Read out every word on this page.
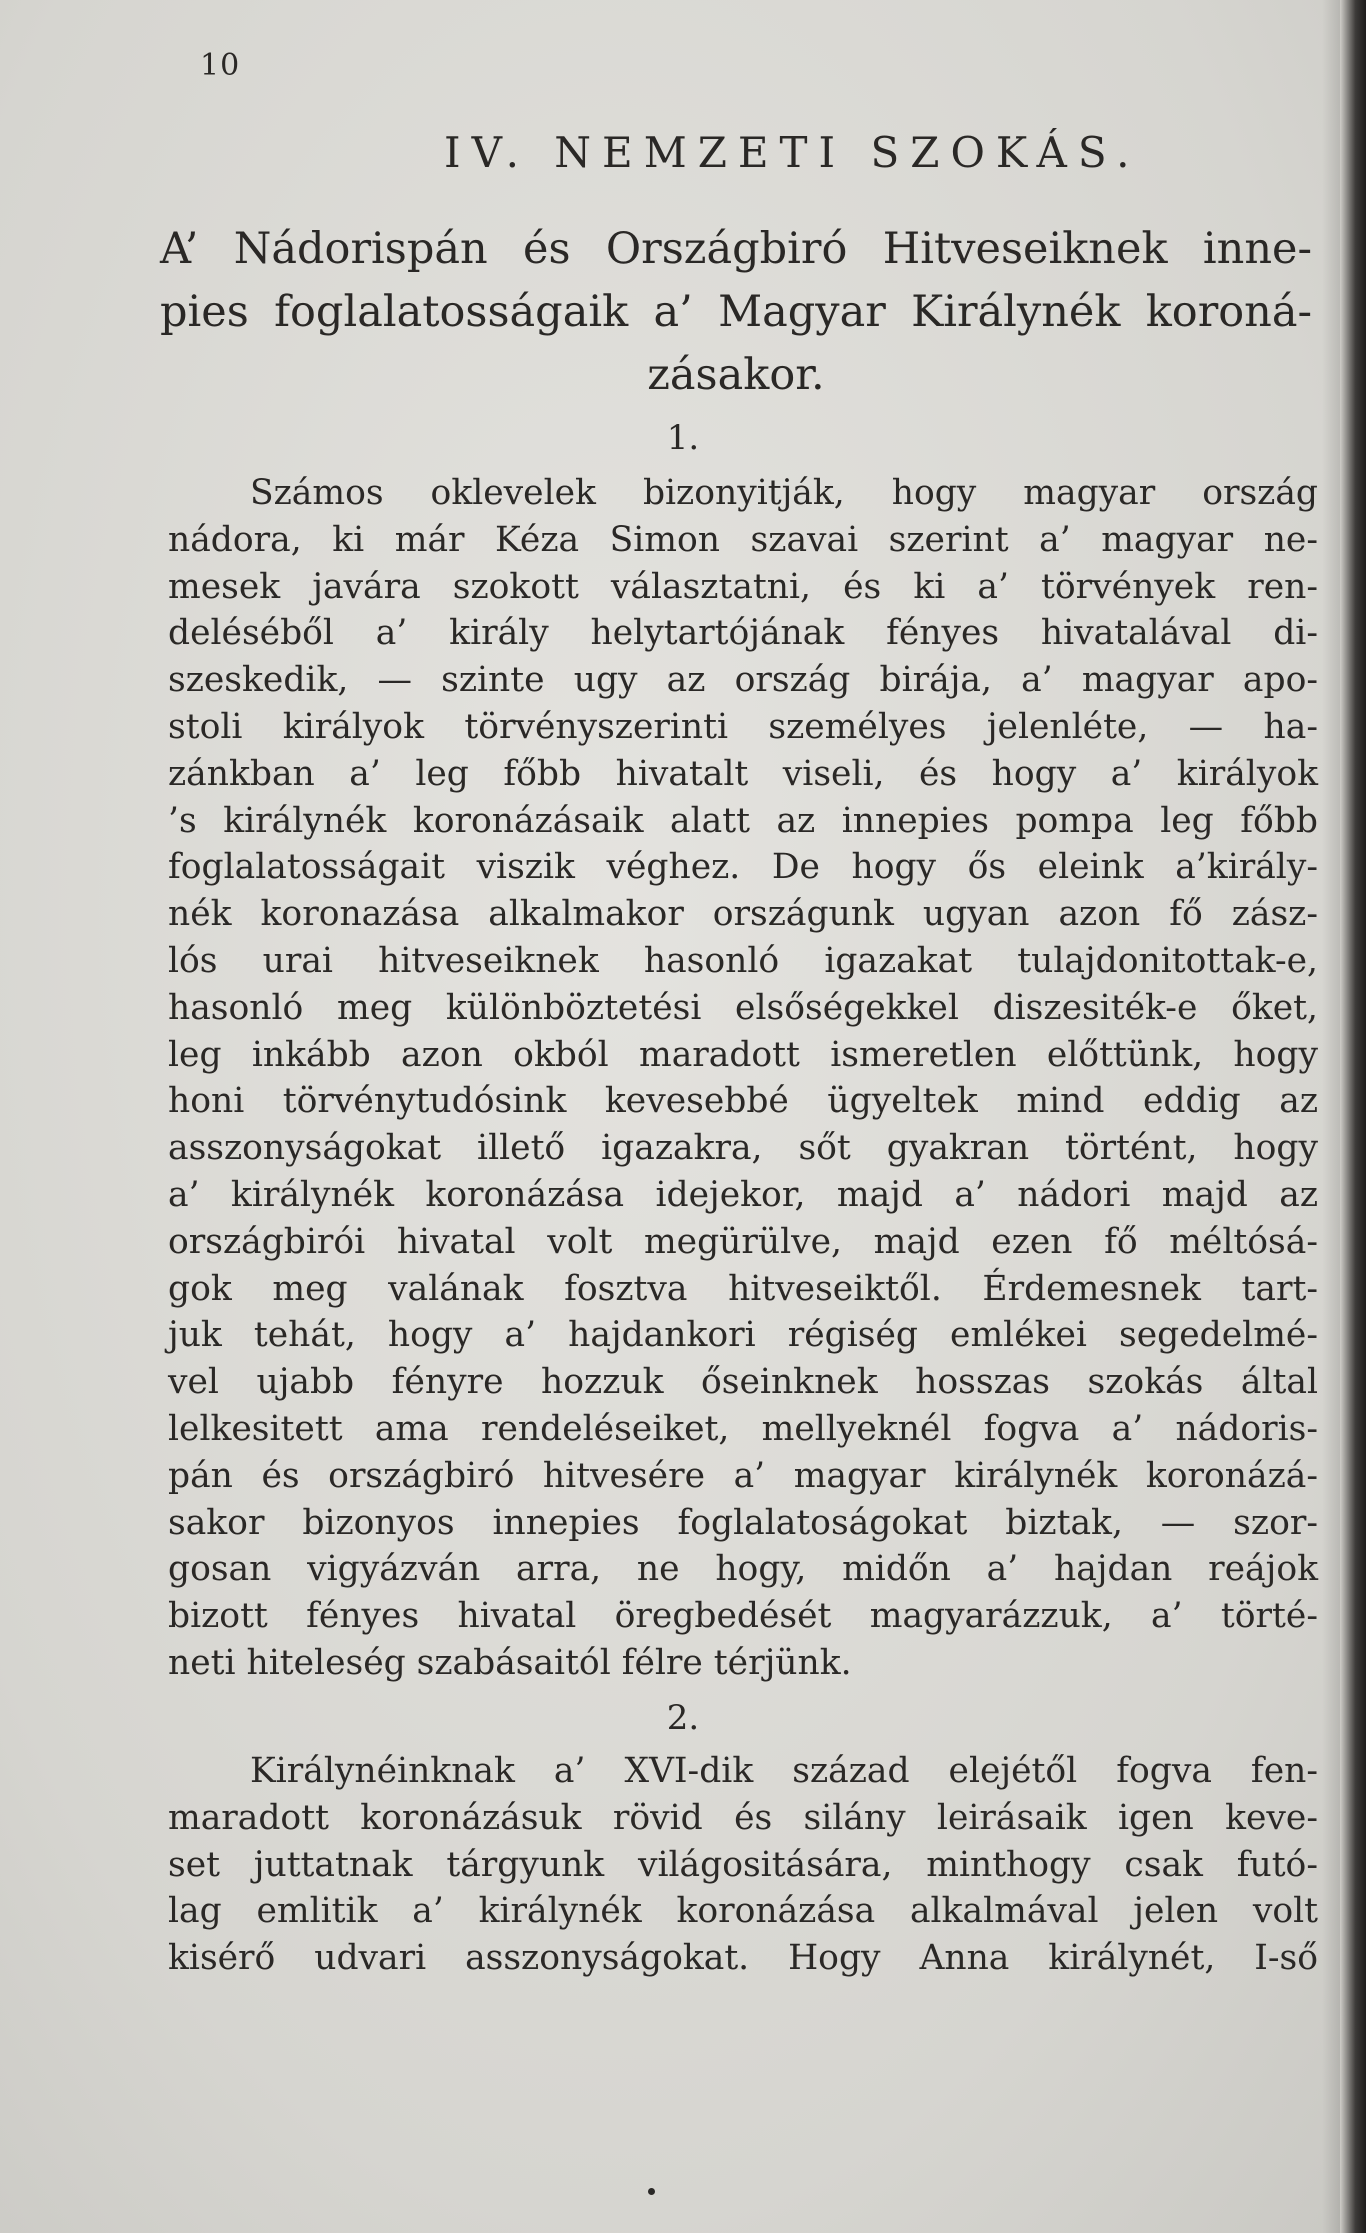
10
IV. NEMZETI SZOKÁS.
A’ Nádorispán és Országbiró Hitveseiknek inne-
pies foglalatosságaik a’ Magyar Királynék koroná-
zásakor.
1.
Számos oklevelek bizonyitják, hogy magyar ország
nádora, ki már Kéza Simon szavai szerint a’ magyar ne-
mesek javára szokott választatni, és ki a’ törvények ren-
deléséből a’ király helytartójának fényes hivatalával di-
szeskedik, — szinte ugy az ország birája, a’ magyar apo-
stoli királyok törvényszerinti személyes jelenléte, — ha-
zánkban a’ leg főbb hivatalt viseli, és hogy a’ királyok
’s királynék koronázásaik alatt az innepies pompa leg főbb
foglalatosságait viszik véghez. De hogy ős eleink a’király-
nék koronazása alkalmakor országunk ugyan azon fő zász-
lós urai hitveseiknek hasonló igazakat tulajdonitottak-e,
hasonló meg különböztetési elsőségekkel diszesiték-e őket,
leg inkább azon okból maradott ismeretlen előttünk, hogy
honi törvénytudósink kevesebbé ügyeltek mind eddig az
asszonyságokat illető igazakra, sőt gyakran történt, hogy
a’ királynék koronázása idejekor, majd a’ nádori majd az
országbirói hivatal volt megürülve, majd ezen fő méltósá-
gok meg valának fosztva hitveseiktől. Érdemesnek tart-
juk tehát, hogy a’ hajdankori régiség emlékei segedelmé-
vel ujabb fényre hozzuk őseinknek hosszas szokás által
lelkesitett ama rendeléseiket, mellyeknél fogva a’ nádoris-
pán és országbiró hitvesére a’ magyar királynék koronázá-
sakor bizonyos innepies foglalatoságokat biztak, — szor-
gosan vigyázván arra, ne hogy, midőn a’ hajdan reájok
bizott fényes hivatal öregbedését magyarázzuk, a’ törté-
neti hiteleség szabásaitól félre térjünk.
2.
Királynéinknak a’ XVI-dik század elejétől fogva fen-
maradott koronázásuk rövid és silány leirásaik igen keve-
set juttatnak tárgyunk világositására, minthogy csak futó-
lag emlitik a’ királynék koronázása alkalmával jelen volt
kisérő udvari asszonyságokat. Hogy Anna királynét, I-ső
